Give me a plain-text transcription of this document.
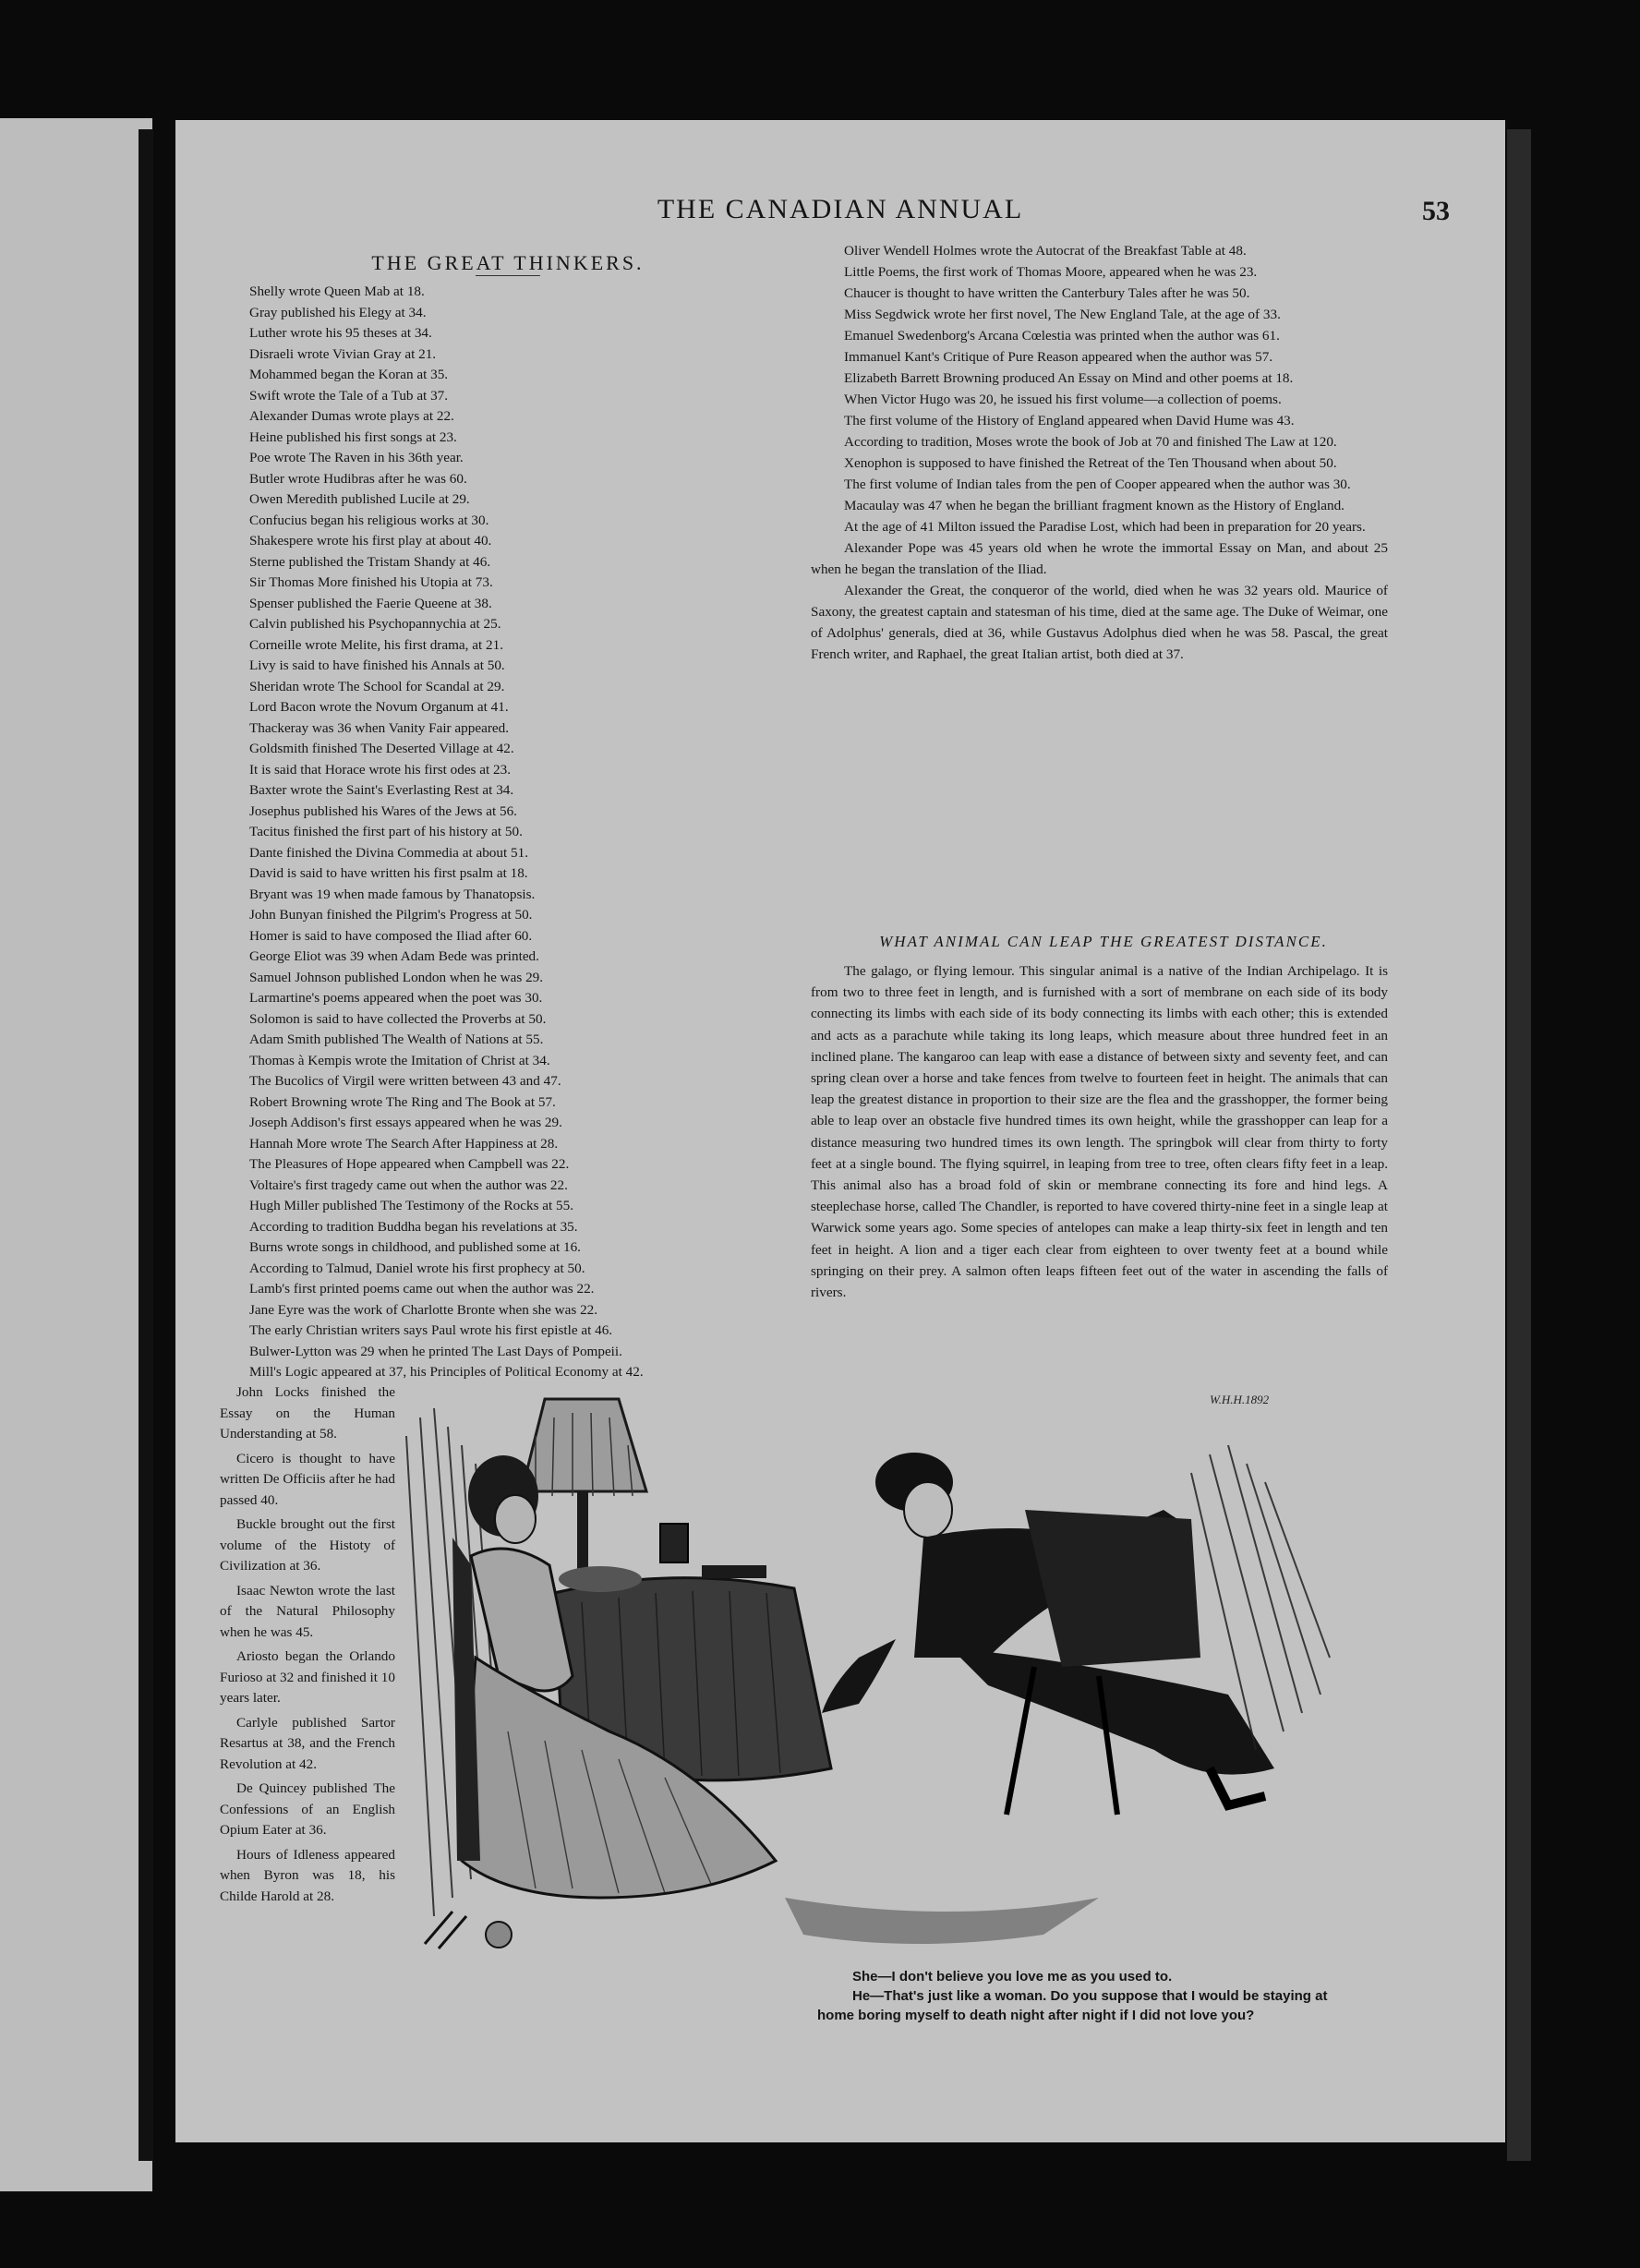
THE CANADIAN ANNUAL	53
THE GREAT THINKERS.
Shelly wrote Queen Mab at 18.
Gray published his Elegy at 34.
Luther wrote his 95 theses at 34.
Disraeli wrote Vivian Gray at 21.
Mohammed began the Koran at 35.
Swift wrote the Tale of a Tub at 37.
Alexander Dumas wrote plays at 22.
Heine published his first songs at 23.
Poe wrote The Raven in his 36th year.
Butler wrote Hudibras after he was 60.
Owen Meredith published Lucile at 29.
Confucius began his religious works at 30.
Shakespere wrote his first play at about 40.
Sterne published the Tristam Shandy at 46.
Sir Thomas More finished his Utopia at 73.
Spenser published the Faerie Queene at 38.
Calvin published his Psychopannychia at 25.
Corneille wrote Melite, his first drama, at 21.
Livy is said to have finished his Annals at 50.
Sheridan wrote The School for Scandal at 29.
Lord Bacon wrote the Novum Organum at 41.
Thackeray was 36 when Vanity Fair appeared.
Goldsmith finished The Deserted Village at 42.
It is said that Horace wrote his first odes at 23.
Baxter wrote the Saint's Everlasting Rest at 34.
Josephus published his Wares of the Jews at 56.
Tacitus finished the first part of his history at 50.
Dante finished the Divina Commedia at about 51.
David is said to have written his first psalm at 18.
Bryant was 19 when made famous by Thanatopsis.
John Bunyan finished the Pilgrim's Progress at 50.
Homer is said to have composed the Iliad after 60.
George Eliot was 39 when Adam Bede was printed.
Samuel Johnson published London when he was 29.
Larmartine's poems appeared when the poet was 30.
Solomon is said to have collected the Proverbs at 50.
Adam Smith published The Wealth of Nations at 55.
Thomas à Kempis wrote the Imitation of Christ at 34.
The Bucolics of Virgil were written between 43 and 47.
Robert Browning wrote The Ring and The Book at 57.
Joseph Addison's first essays appeared when he was 29.
Hannah More wrote The Search After Happiness at 28.
The Pleasures of Hope appeared when Campbell was 22.
Voltaire's first tragedy came out when the author was 22.
Hugh Miller published The Testimony of the Rocks at 55.
According to tradition Buddha began his revelations at 35.
Burns wrote songs in childhood, and published some at 16.
According to Talmud, Daniel wrote his first prophecy at 50.
Lamb's first printed poems came out when the author was 22.
Jane Eyre was the work of Charlotte Bronte when she was 22.
The early Christian writers says Paul wrote his first epistle at 46.
Bulwer-Lytton was 29 when he printed The Last Days of Pompeii.
Mill's Logic appeared at 37, his Principles of Political Economy at 42.

John Locks finished the Essay on the Human Understanding at 58.

Cicero is thought to have written De Officiis after he had passed 40.

Buckle brought out the first volume of the Histoty of Civilization at 36.

Isaac Newton wrote the last of the Natural Philosophy when he was 45.

Ariosto began the Orlando Furioso at 32 and finished it 10 years later.

Carlyle published Sartor Resartus at 38, and the French Revolution at 42.

De Quincey published The Confessions of an English Opium Eater at 36.

Hours of Idleness appeared when Byron was 18, his Childe Harold at 28.

Oliver Wendell Holmes wrote the Autocrat of the Breakfast Table at 48.

Little Poems, the first work of Thomas Moore, appeared when he was 23.

Chaucer is thought to have written the Canterbury Tales after he was 50.

Miss Segdwick wrote her first novel, The New England Tale, at the age of 33.

Emanuel Swedenborg's Arcana Cœlestia was printed when the author was 61.

Immanuel Kant's Critique of Pure Reason appeared when the author was 57.

Elizabeth Barrett Browning produced An Essay on Mind and other poems at 18.

When Victor Hugo was 20, he issued his first volume—a collection of poems.

The first volume of the History of England appeared when David Hume was 43.

According to tradition, Moses wrote the book of Job at 70 and finished The Law at 120.

Xenophon is supposed to have finished the Retreat of the Ten Thousand when about 50.

The first volume of Indian tales from the pen of Cooper appeared when the author was 30.

Macaulay was 47 when he began the brilliant fragment known as the History of England.

At the age of 41 Milton issued the Paradise Lost, which had been in preparation for 20 years.

Alexander Pope was 45 years old when he wrote the immortal Essay on Man, and about 25 when he began the translation of the Iliad.

Alexander the Great, the conqueror of the world, died when he was 32 years old. Maurice of Saxony, the greatest captain and statesman of his time, died at the same age. The Duke of Weimar, one of Adolphus' generals, died at 36, while Gustavus Adolphus died when he was 58. Pascal, the great French writer, and Raphael, the great Italian artist, both died at 37.

WHAT ANIMAL CAN LEAP THE GREATEST DISTANCE.

The galago, or flying lemour. This singular animal is a native of the Indian Archipelago. It is from two to three feet in length, and is furnished with a sort of membrane on each side of its body connecting its limbs with each side of its body connecting its limbs with each other; this is extended and acts as a parachute while taking its long leaps, which measure about three hundred feet in an inclined plane. The kangaroo can leap with ease a distance of between sixty and seventy feet, and can spring clean over a horse and take fences from twelve to fourteen feet in height. The animals that can leap the greatest distance in proportion to their size are the flea and the grasshopper, the former being able to leap over an obstacle five hundred times its own height, while the grasshopper can leap for a distance measuring two hundred times its own length. The springbok will clear from thirty to forty feet at a single bound. The flying squirrel, in leaping from tree to tree, often clears fifty feet in a leap. This animal also has a broad fold of skin or membrane connecting its fore and hind legs. A steeplechase horse, called The Chandler, is reported to have covered thirty-nine feet in a single leap at Warwick some years ago. Some species of antelopes can make a leap thirty-six feet in length and ten feet in height. A lion and a tiger each clear from eighteen to over twenty feet at a bound while springing on their prey. A salmon often leaps fifteen feet out of the water in ascending the falls of rivers.

W.H.H.1892
She—I don't believe you love me as you used to.
He—That's just like a woman. Do you suppose that I would be staying at
home boring myself to death night after night if I did not love you?
